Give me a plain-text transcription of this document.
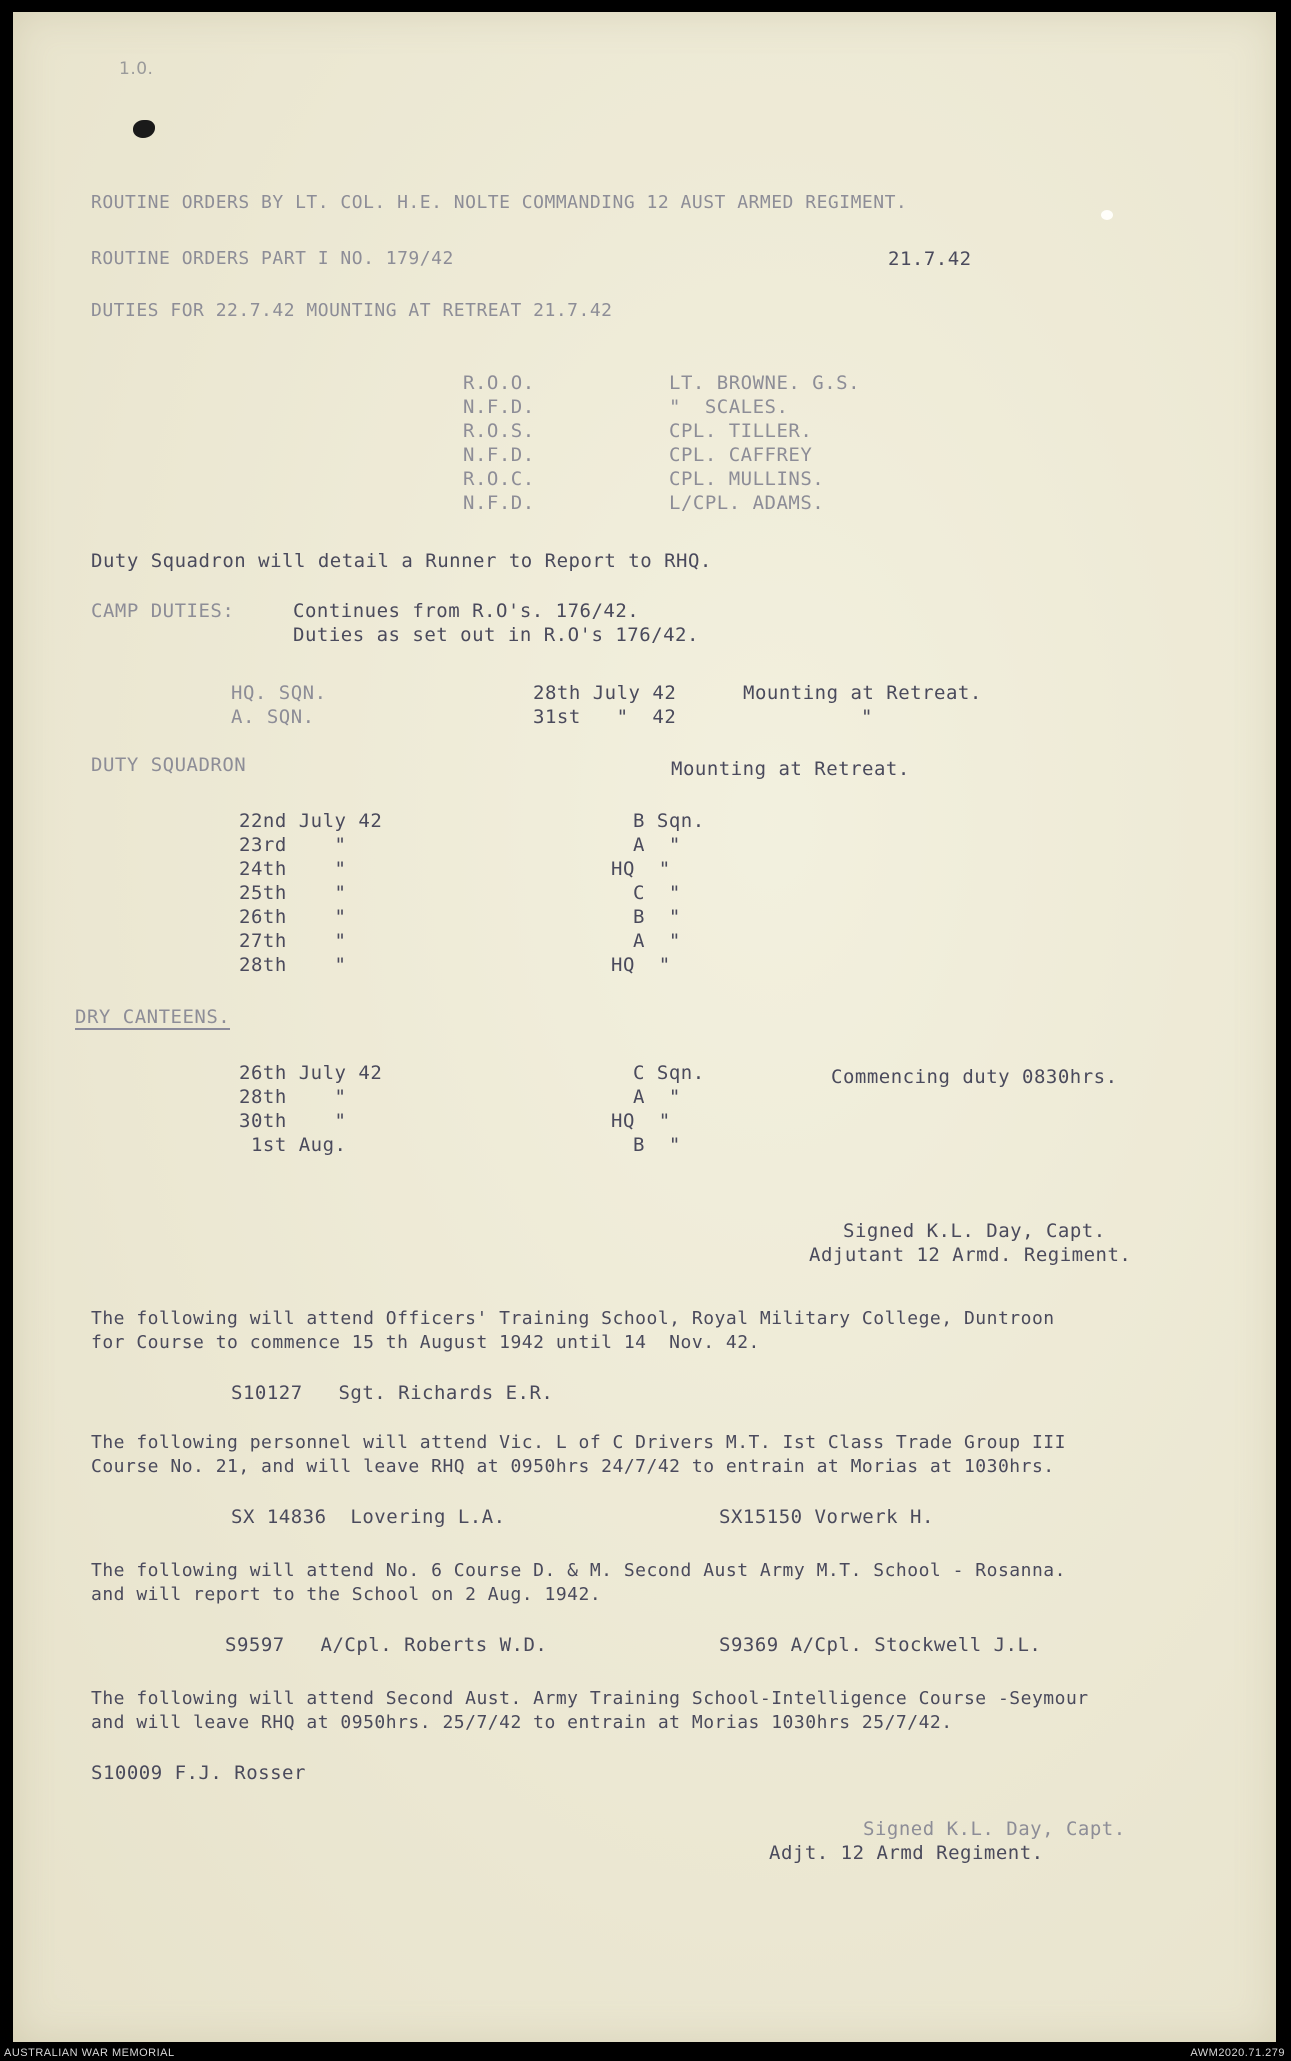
1.0.
ROUTINE ORDERS BY LT. COL. H.E. NOLTE COMMANDING 12 AUST ARMED REGIMENT.
ROUTINE ORDERS PART I NO. 179/42	21.7.42
DUTIES FOR 22.7.42 MOUNTING AT RETREAT 21.7.42
R.O.O.	LT. BROWNE. G.S.
N.F.D.	"  SCALES.
R.O.S.	CPL. TILLER.
N.F.D.	CPL. CAFFREY
R.O.C.	CPL. MULLINS.
N.F.D.	L/CPL. ADAMS.
Duty Squadron will detail a Runner to Report to RHQ.
CAMP DUTIES:	Continues from R.O's. 176/42.
Duties as set out in R.O's 176/42.
HQ. SQN.	28th July 42	Mounting at Retreat.
A. SQN.	31st   "  42	"
DUTY SQUADRON	Mounting at Retreat.
22nd July 42	B Sqn.
23rd    "	A  "
24th    "	HQ  "
25th    "	C  "
26th    "	B  "
27th    "	A  "
28th    "	HQ  "
DRY CANTEENS.
26th July 42	C Sqn.	Commencing duty 0830hrs.
28th    "	A  "
30th    "	HQ  "
1st Aug.	B  "
Signed K.L. Day, Capt.
Adjutant 12 Armd. Regiment.
The following will attend Officers' Training School, Royal Military College, Duntroon
for Course to commence 15 th August 1942 until 14  Nov. 42.
S10127   Sgt. Richards E.R.
The following personnel will attend Vic. L of C Drivers M.T. Ist Class Trade Group III
Course No. 21, and will leave RHQ at 0950hrs 24/7/42 to entrain at Morias at 1030hrs.
SX 14836  Lovering L.A.	SX15150 Vorwerk H.
The following will attend No. 6 Course D. & M. Second Aust Army M.T. School - Rosanna.
and will report to the School on 2 Aug. 1942.
S9597   A/Cpl. Roberts W.D.	S9369 A/Cpl. Stockwell J.L.
The following will attend Second Aust. Army Training School-Intelligence Course -Seymour
and will leave RHQ at 0950hrs. 25/7/42 to entrain at Morias 1030hrs 25/7/42.
S10009 F.J. Rosser
Signed K.L. Day, Capt.
Adjt. 12 Armd Regiment.
AUSTRALIAN WAR MEMORIAL	AWM2020.71.279
